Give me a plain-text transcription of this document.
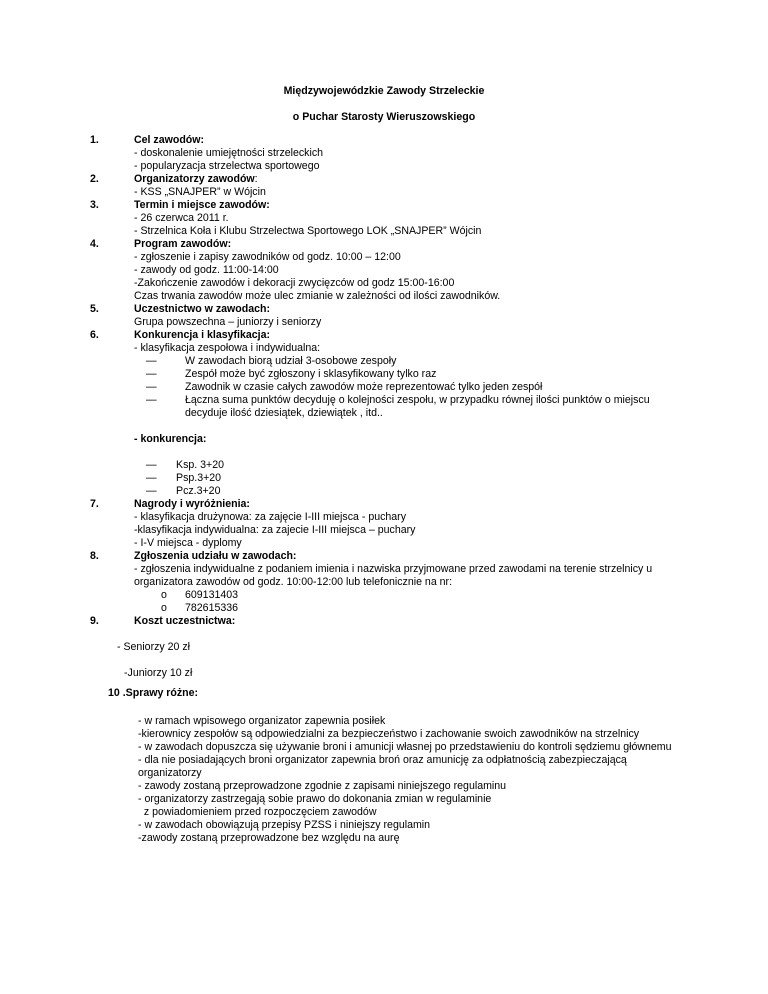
Międzywojewódzkie Zawody Strzeleckie
o Puchar Starosty Wieruszowskiego
1.	Cel zawodów:
- doskonalenie umiejętności strzeleckich
- popularyzacja strzelectwa sportowego
2.	Organizatorzy zawodów:
- KSS „SNAJPER” w Wójcin
3.	Termin i miejsce zawodów:
- 26 czerwca 2011 r.
- Strzelnica Koła i Klubu Strzelectwa Sportowego LOK „SNAJPER” Wójcin
4.	Program zawodów:
- zgłoszenie i zapisy zawodników od godz. 10:00 – 12:00
- zawody od godz. 11:00-14:00
-Zakończenie zawodów i dekoracji zwycięzców od godz 15:00-16:00
Czas trwania zawodów może ulec zmianie w zależności od ilości zawodników.
5.	Uczestnictwo w zawodach:
Grupa powszechna – juniorzy i seniorzy
6.	Konkurencja i klasyfikacja:
- klasyfikacja zespołowa i indywidualna:
—	W zawodach biorą udział 3-osobowe zespoły
—	Zespół może być zgłoszony i sklasyfikowany tylko raz
—	Zawodnik w czasie całych zawodów może reprezentować tylko jeden zespół
—	Łączna suma punktów decyduję o kolejności zespołu, w przypadku równej ilości punktów o miejscu
decyduje ilość dziesiątek, dziewiątek , itd..
- konkurencja:
— Ksp. 3+20
— Psp.3+20
— Pcz.3+20
7.	Nagrody i wyróżnienia:
- klasyfikacja drużynowa: za zajęcie I-III miejsca - puchary
-klasyfikacja indywidualna: za zajecie I-III miejsca – puchary
- I-V miejsca - dyplomy
8.	Zgłoszenia udziału w zawodach:
- zgłoszenia indywidualne z podaniem imienia i nazwiska przyjmowane przed zawodami na terenie strzelnicy u
organizatora zawodów od godz. 10:00-12:00 lub telefonicznie na nr:
o 609131403
o 782615336
9.	Koszt uczestnictwa:
- Seniorzy 20 zł
-Juniorzy 10 zł
10 .Sprawy różne:
- w ramach wpisowego organizator zapewnia posiłek
-kierownicy zespołów są odpowiedzialni za bezpieczeństwo i zachowanie swoich zawodników na strzelnicy
- w zawodach dopuszcza się używanie broni i amunicji własnej po przedstawieniu do kontroli sędziemu głównemu
- dla nie posiadających broni organizator zapewnia broń oraz amunicję za odpłatnością zabezpieczającą
organizatorzy
- zawody zostaną przeprowadzone zgodnie z zapisami niniejszego regulaminu
- organizatorzy zastrzegają sobie prawo do dokonania zmian w regulaminie
z powiadomieniem przed rozpoczęciem zawodów
- w zawodach obowiązują przepisy PZSS i niniejszy regulamin
-zawody zostaną przeprowadzone bez względu na aurę
